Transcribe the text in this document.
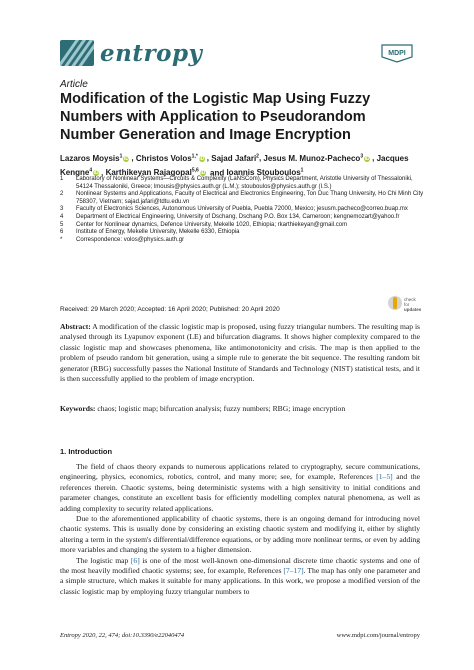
entropy	MDPI
Article
Modification of the Logistic Map Using Fuzzy Numbers with Application to Pseudorandom Number Generation and Image Encryption
Lazaros Moysis$^1$ iD , Christos Volos$^{1,*}$ iD , Sajad Jafari$^2$, Jesus M. Munoz-Pacheco$^3$ iD , Jacques Kengne$^4$ iD , Karthikeyan Rajagopal$^{5,6}$ iD and Ioannis Stouboulos$^1$
1	Laboratory of Nonlinear Systems—Circuits & Complexity (LaNSCom), Physics Department, Aristotle University of Thessaloniki, 54124 Thessaloniki, Greece; lmousis@physics.auth.gr (L.M.); stouboulos@physics.auth.gr (I.S.)
2	Nonlinear Systems and Applications, Faculty of Electrical and Electronics Engineering, Ton Duc Thang University, Ho Chi Minh City 758307, Vietnam; sajad.jafari@tdtu.edu.vn
3	Faculty of Electronics Sciences, Autonomous University of Puebla, Puebla 72000, Mexico; jesusm.pacheco@correo.buap.mx
4	Department of Electrical Engineering, University of Dschang, Dschang P.O. Box 134, Cameroon; kengnemozart@yahoo.fr
5	Center for Nonlinear dynamics, Defence University, Mekelle 1020, Ethiopia; rkarthiekeyan@gmail.com
6	Institute of Energy, Mekelle University, Mekelle 6330, Ethiopia
*	Correspondence: volos@physics.auth.gr
Received: 29 March 2020; Accepted: 16 April 2020; Published: 20 April 2020
check for
updates
Abstract: A modification of the classic logistic map is proposed, using fuzzy triangular numbers. The resulting map is analysed through its Lyapunov exponent (LE) and bifurcation diagrams. It shows higher complexity compared to the classic logistic map and showcases phenomena, like antimonotonicity and crisis. The map is then applied to the problem of pseudo random bit generation, using a simple rule to generate the bit sequence. The resulting random bit generator (RBG) successfully passes the National Institute of Standards and Technology (NIST) statistical tests, and it is then successfully applied to the problem of image encryption.
Keywords: chaos; logistic map; bifurcation analysis; fuzzy numbers; RBG; image encryption
1. Introduction

The field of chaos theory expands to numerous applications related to cryptography, secure communications, engineering, physics, economics, robotics, control, and many more; see, for example, References [1–5] and the references therein. Chaotic systems, being deterministic systems with a high sensitivity to initial conditions and parameter changes, constitute an excellent basis for efficiently modelling complex natural phenomena, as well as adding complexity to security related applications.

Due to the aforementioned applicability of chaotic systems, there is an ongoing demand for introducing novel chaotic systems. This is usually done by considering an existing chaotic system and modifying it, either by slightly altering a term in the system's differential/difference equations, or by adding more nonlinear terms, or even by adding more variables and changing the system to a higher dimension.

The logistic map [6] is one of the most well-known one-dimensional discrete time chaotic systems and one of the most heavily modified chaotic systems; see, for example, References [7–17]. The map has only one parameter and a simple structure, which makes it suitable for many applications. In this work, we propose a modified version of the classic logistic map by employing fuzzy triangular numbers to

Entropy 2020, 22, 474; doi:10.3390/e22040474	www.mdpi.com/journal/entropy
